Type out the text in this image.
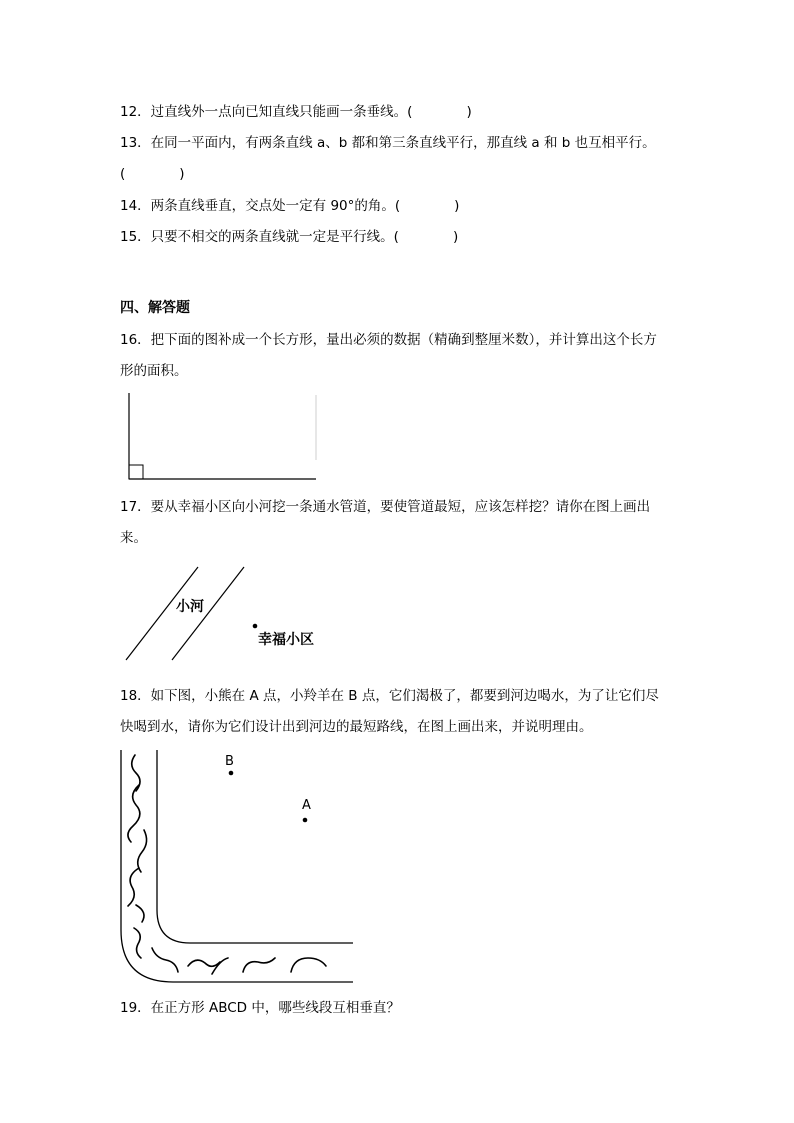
12．过直线外一点向已知直线只能画一条垂线。(　　　　)
13．在同一平面内，有两条直线 a、b 都和第三条直线平行，那直线 a 和 b 也互相平行。
(　　　　)
14．两条直线垂直，交点处一定有 90°的角。(　　　　)
15．只要不相交的两条直线就一定是平行线。(　　　　)
四、解答题
16．把下面的图补成一个长方形，量出必须的数据（精确到整厘米数），并计算出这个长方
形的面积。
小河
幸福小区
B
A
17．要从幸福小区向小河挖一条通水管道，要使管道最短，应该怎样挖？请你在图上画出
来。
18．如下图，小熊在 A 点，小羚羊在 B 点，它们渴极了，都要到河边喝水，为了让它们尽
快喝到水，请你为它们设计出到河边的最短路线，在图上画出来，并说明理由。
19．在正方形 ABCD 中，哪些线段互相垂直？
